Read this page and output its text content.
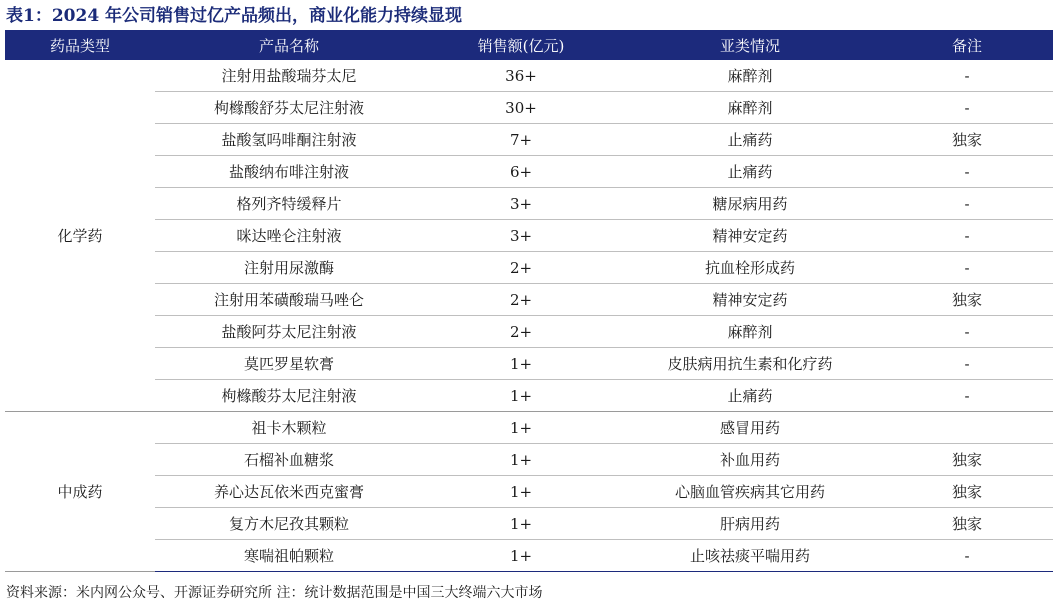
表1：2024 年公司销售过亿产品频出，商业化能力持续显现
药品类型	产品名称	销售额(亿元)	亚类情况	备注
化学药	注射用盐酸瑞芬太尼	36+	麻醉剂	-
	枸橼酸舒芬太尼注射液	30+	麻醉剂	-
	盐酸氢吗啡酮注射液	7+	止痛药	独家
	盐酸纳布啡注射液	6+	止痛药	-
	格列齐特缓释片	3+	糖尿病用药	-
	咪达唑仑注射液	3+	精神安定药	-
	注射用尿激酶	2+	抗血栓形成药	-
	注射用苯磺酸瑞马唑仑	2+	精神安定药	独家
	盐酸阿芬太尼注射液	2+	麻醉剂	-
	莫匹罗星软膏	1+	皮肤病用抗生素和化疗药	-
	枸橼酸芬太尼注射液	1+	止痛药	-
中成药	祖卡木颗粒	1+	感冒用药	
	石榴补血糖浆	1+	补血用药	独家
	养心达瓦依米西克蜜膏	1+	心脑血管疾病其它用药	独家
	复方木尼孜其颗粒	1+	肝病用药	独家
	寒喘祖帕颗粒	1+	止咳祛痰平喘用药	-
资料来源：米内网公众号、开源证券研究所 注：统计数据范围是中国三大终端六大市场
